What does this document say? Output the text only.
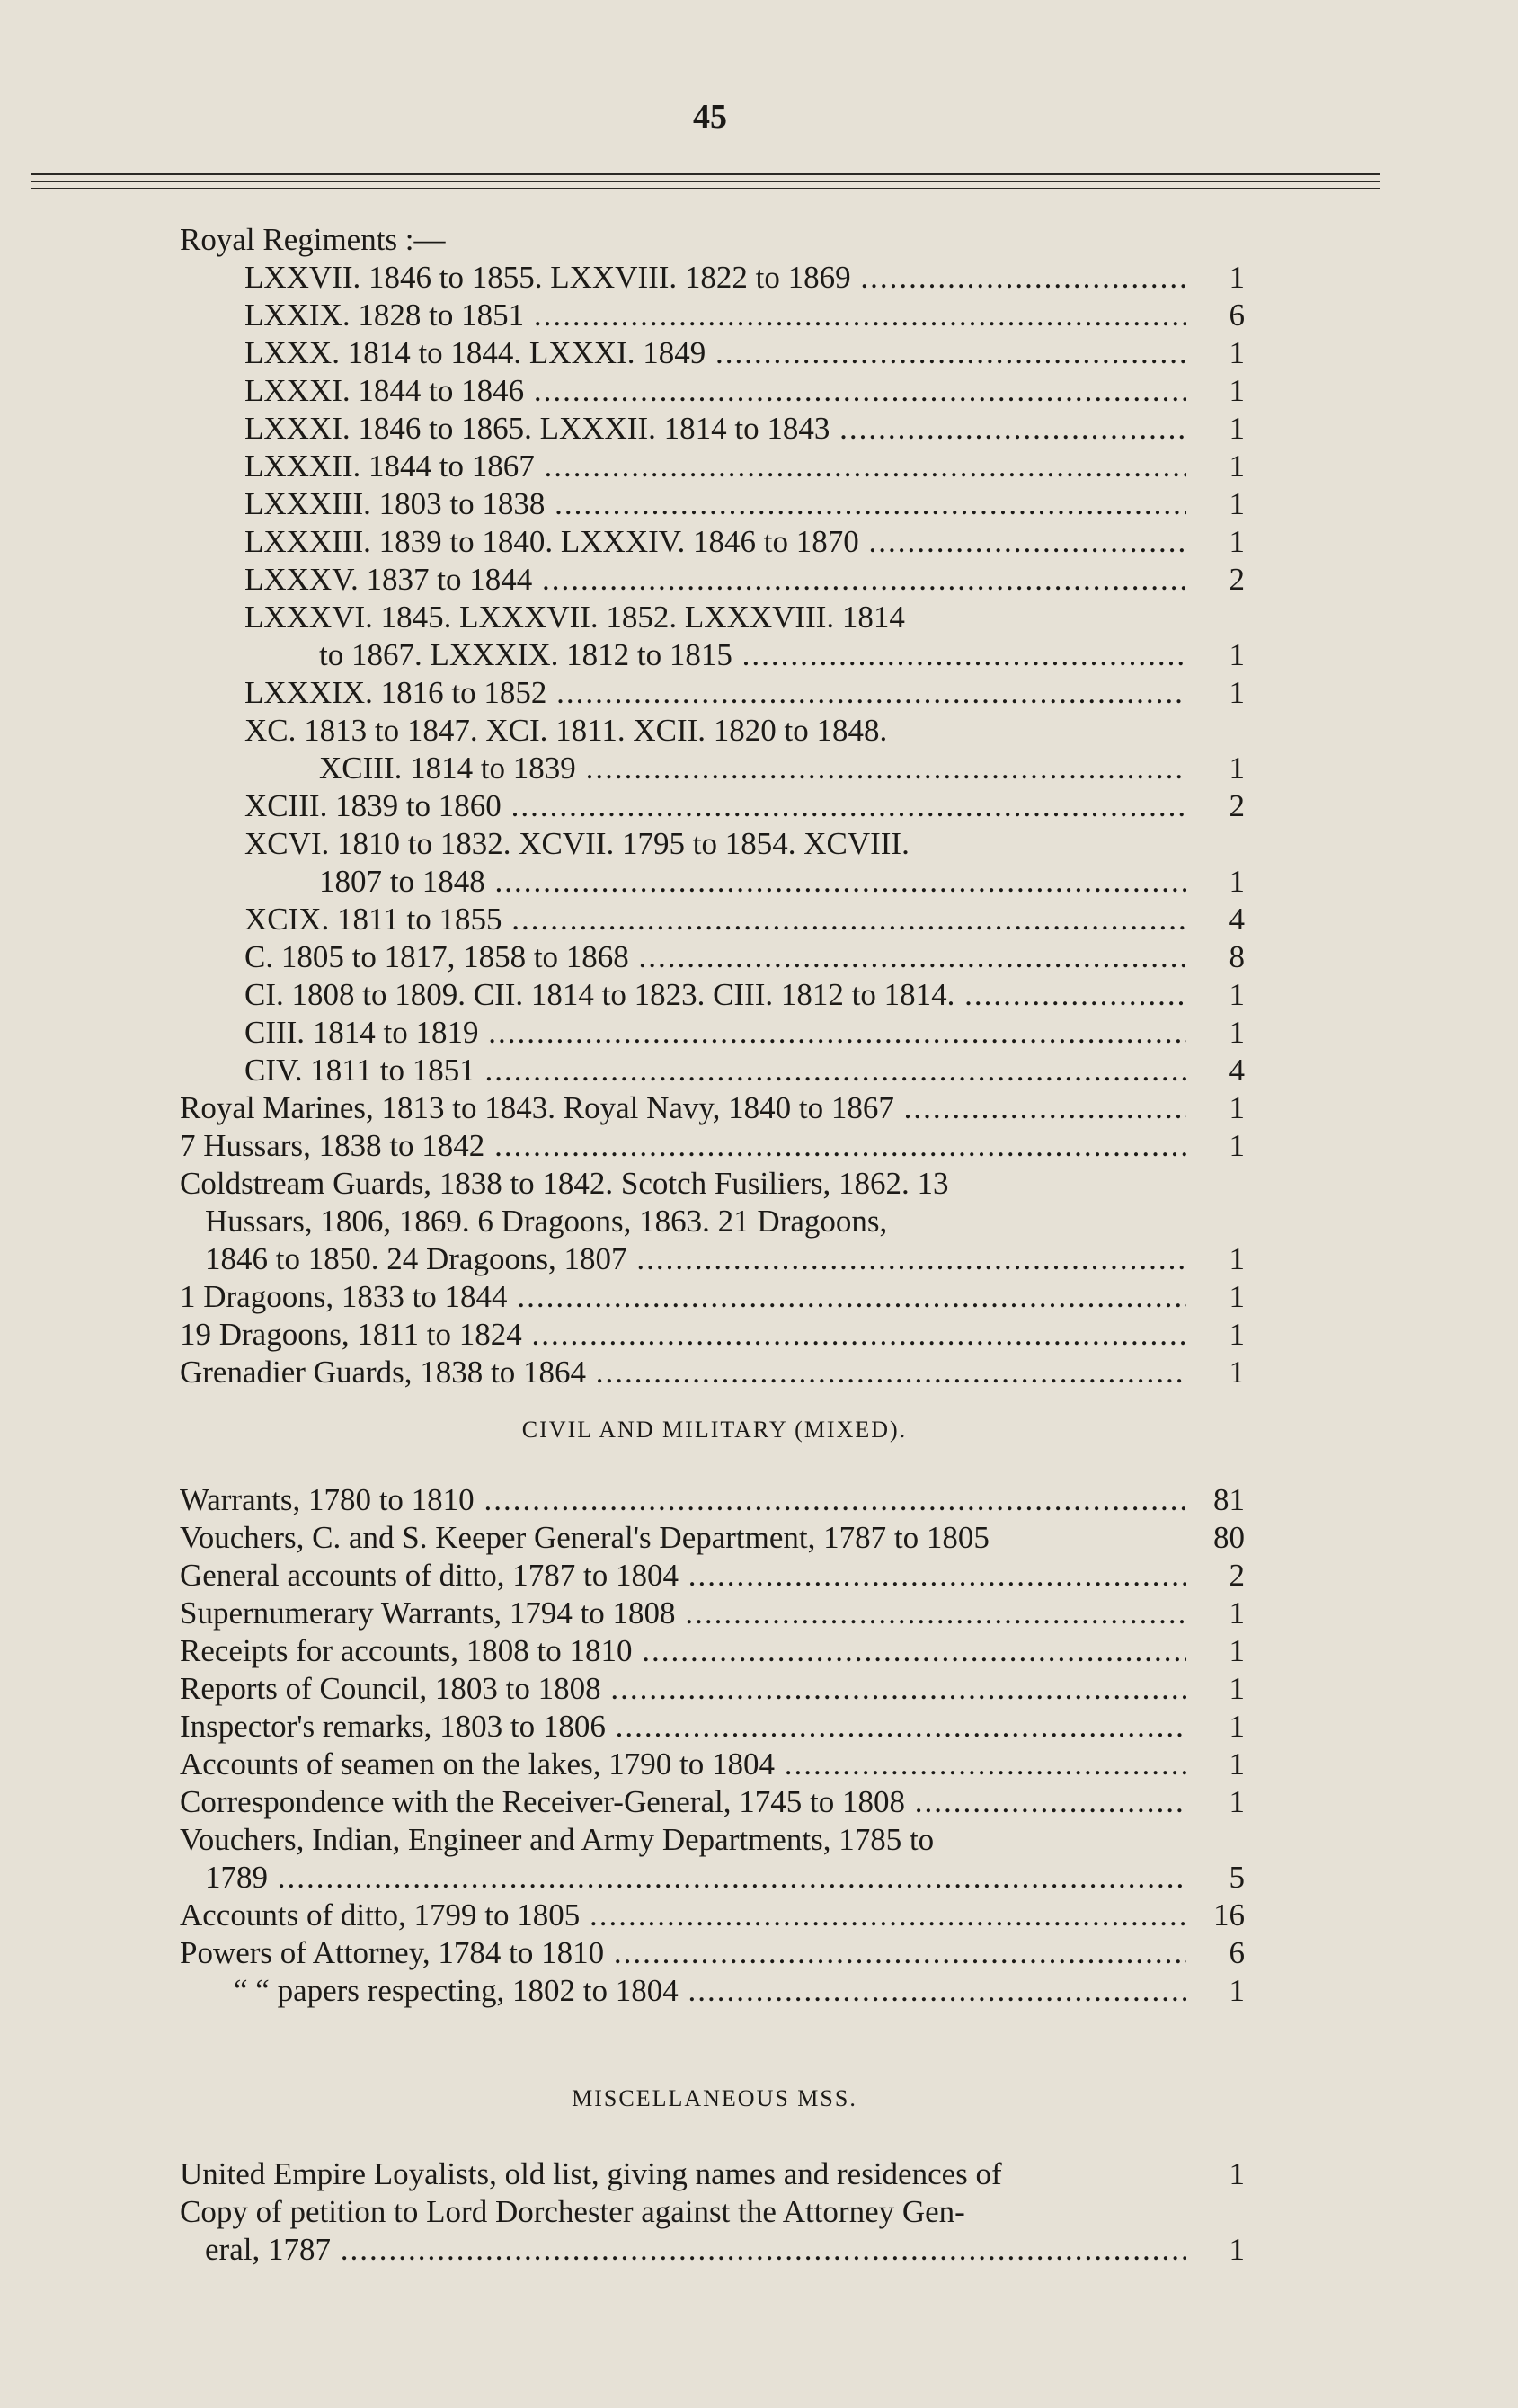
45
Royal Regiments :—
LXXVII. 1846 to 1855. LXXVIII. 1822 to 1869 .....	1
LXXIX. 1828 to 1851 .....	6
LXXX. 1814 to 1844. LXXXI. 1849 .....	1
LXXXI. 1844 to 1846 .....	1
LXXXI. 1846 to 1865. LXXXII. 1814 to 1843 .....	1
LXXXII. 1844 to 1867 .....	1
LXXXIII. 1803 to 1838 .....	1
LXXXIII. 1839 to 1840. LXXXIV. 1846 to 1870 .....	1
LXXXV. 1837 to 1844 .....	2
LXXXVI. 1845. LXXXVII. 1852. LXXXVIII. 1814
to 1867. LXXXIX. 1812 to 1815 .....	1
LXXXIX. 1816 to 1852 .....	1
XC. 1813 to 1847. XCI. 1811. XCII. 1820 to 1848.
XCIII. 1814 to 1839 .....	1
XCIII. 1839 to 1860 .....	2
XCVI. 1810 to 1832. XCVII. 1795 to 1854. XCVIII.
1807 to 1848 .....	1
XCIX. 1811 to 1855 .....	4
C. 1805 to 1817, 1858 to 1868 .....	8
CI. 1808 to 1809. CII. 1814 to 1823. CIII. 1812 to 1814. .....	1
CIII. 1814 to 1819 .....	1
CIV. 1811 to 1851 .....	4
Royal Marines, 1813 to 1843. Royal Navy, 1840 to 1867 .....	1
7 Hussars, 1838 to 1842 .....	1
Coldstream Guards, 1838 to 1842. Scotch Fusiliers, 1862. 13
Hussars, 1806, 1869. 6 Dragoons, 1863. 21 Dragoons,
1846 to 1850. 24 Dragoons, 1807 .....	1
1 Dragoons, 1833 to 1844 .....	1
19 Dragoons, 1811 to 1824 .....	1
Grenadier Guards, 1838 to 1864 .....	1
CIVIL AND MILITARY (MIXED).
Warrants, 1780 to 1810 .....	81
Vouchers, C. and S. Keeper General's Department, 1787 to 1805	80
General accounts of ditto, 1787 to 1804 .....	2
Supernumerary Warrants, 1794 to 1808 .....	1
Receipts for accounts, 1808 to 1810 .....	1
Reports of Council, 1803 to 1808 .....	1
Inspector's remarks, 1803 to 1806 .....	1
Accounts of seamen on the lakes, 1790 to 1804 .....	1
Correspondence with the Receiver-General, 1745 to 1808 .....	1
Vouchers, Indian, Engineer and Army Departments, 1785 to
1789 .....	5
Accounts of ditto, 1799 to 1805 .....	16
Powers of Attorney, 1784 to 1810 .....	6
“ “ papers respecting, 1802 to 1804 .....	1
MISCELLANEOUS MSS.
United Empire Loyalists, old list, giving names and residences of	1
Copy of petition to Lord Dorchester against the Attorney Gen-
eral, 1787 .....	1
